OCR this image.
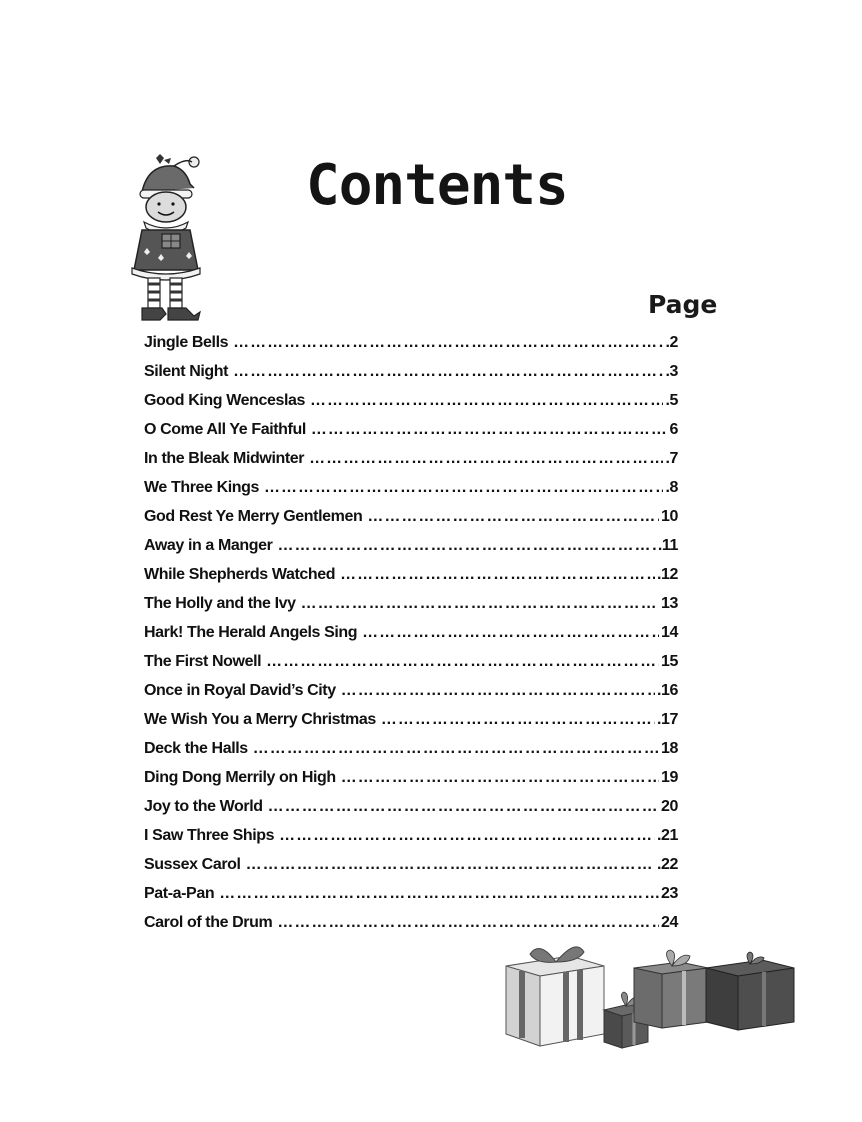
Contents
Page
Jingle Bells …………………………………………………………………………………………………………	.2
Silent Night …………………………………………………………………………………………………………	.3
Good King Wenceslas …………………………………………………………………………………………………………	.5
O Come All Ye Faithful …………………………………………………………………………………………………………	6
In the Bleak Midwinter …………………………………………………………………………………………………………	.7
We Three Kings …………………………………………………………………………………………………………	.8
God Rest Ye Merry Gentlemen …………………………………………………………………………………………………………	10
Away in a Manger …………………………………………………………………………………………………………	.11
While Shepherds Watched …………………………………………………………………………………………………………	.12
The Holly and the Ivy …………………………………………………………………………………………………………	13
Hark! The Herald Angels Sing …………………………………………………………………………………………………………	14
The First Nowell …………………………………………………………………………………………………………	15
Once in Royal David’s City …………………………………………………………………………………………………………	.16
We Wish You a Merry Christmas …………………………………………………………………………………………………………	.17
Deck the Halls …………………………………………………………………………………………………………	18
Ding Dong Merrily on High …………………………………………………………………………………………………………	19
Joy to the World …………………………………………………………………………………………………………	20
I Saw Three Ships …………………………………………………………………………………………………………	.21
Sussex Carol …………………………………………………………………………………………………………	.22
Pat-a-Pan …………………………………………………………………………………………………………	23
Carol of the Drum …………………………………………………………………………………………………………	24
